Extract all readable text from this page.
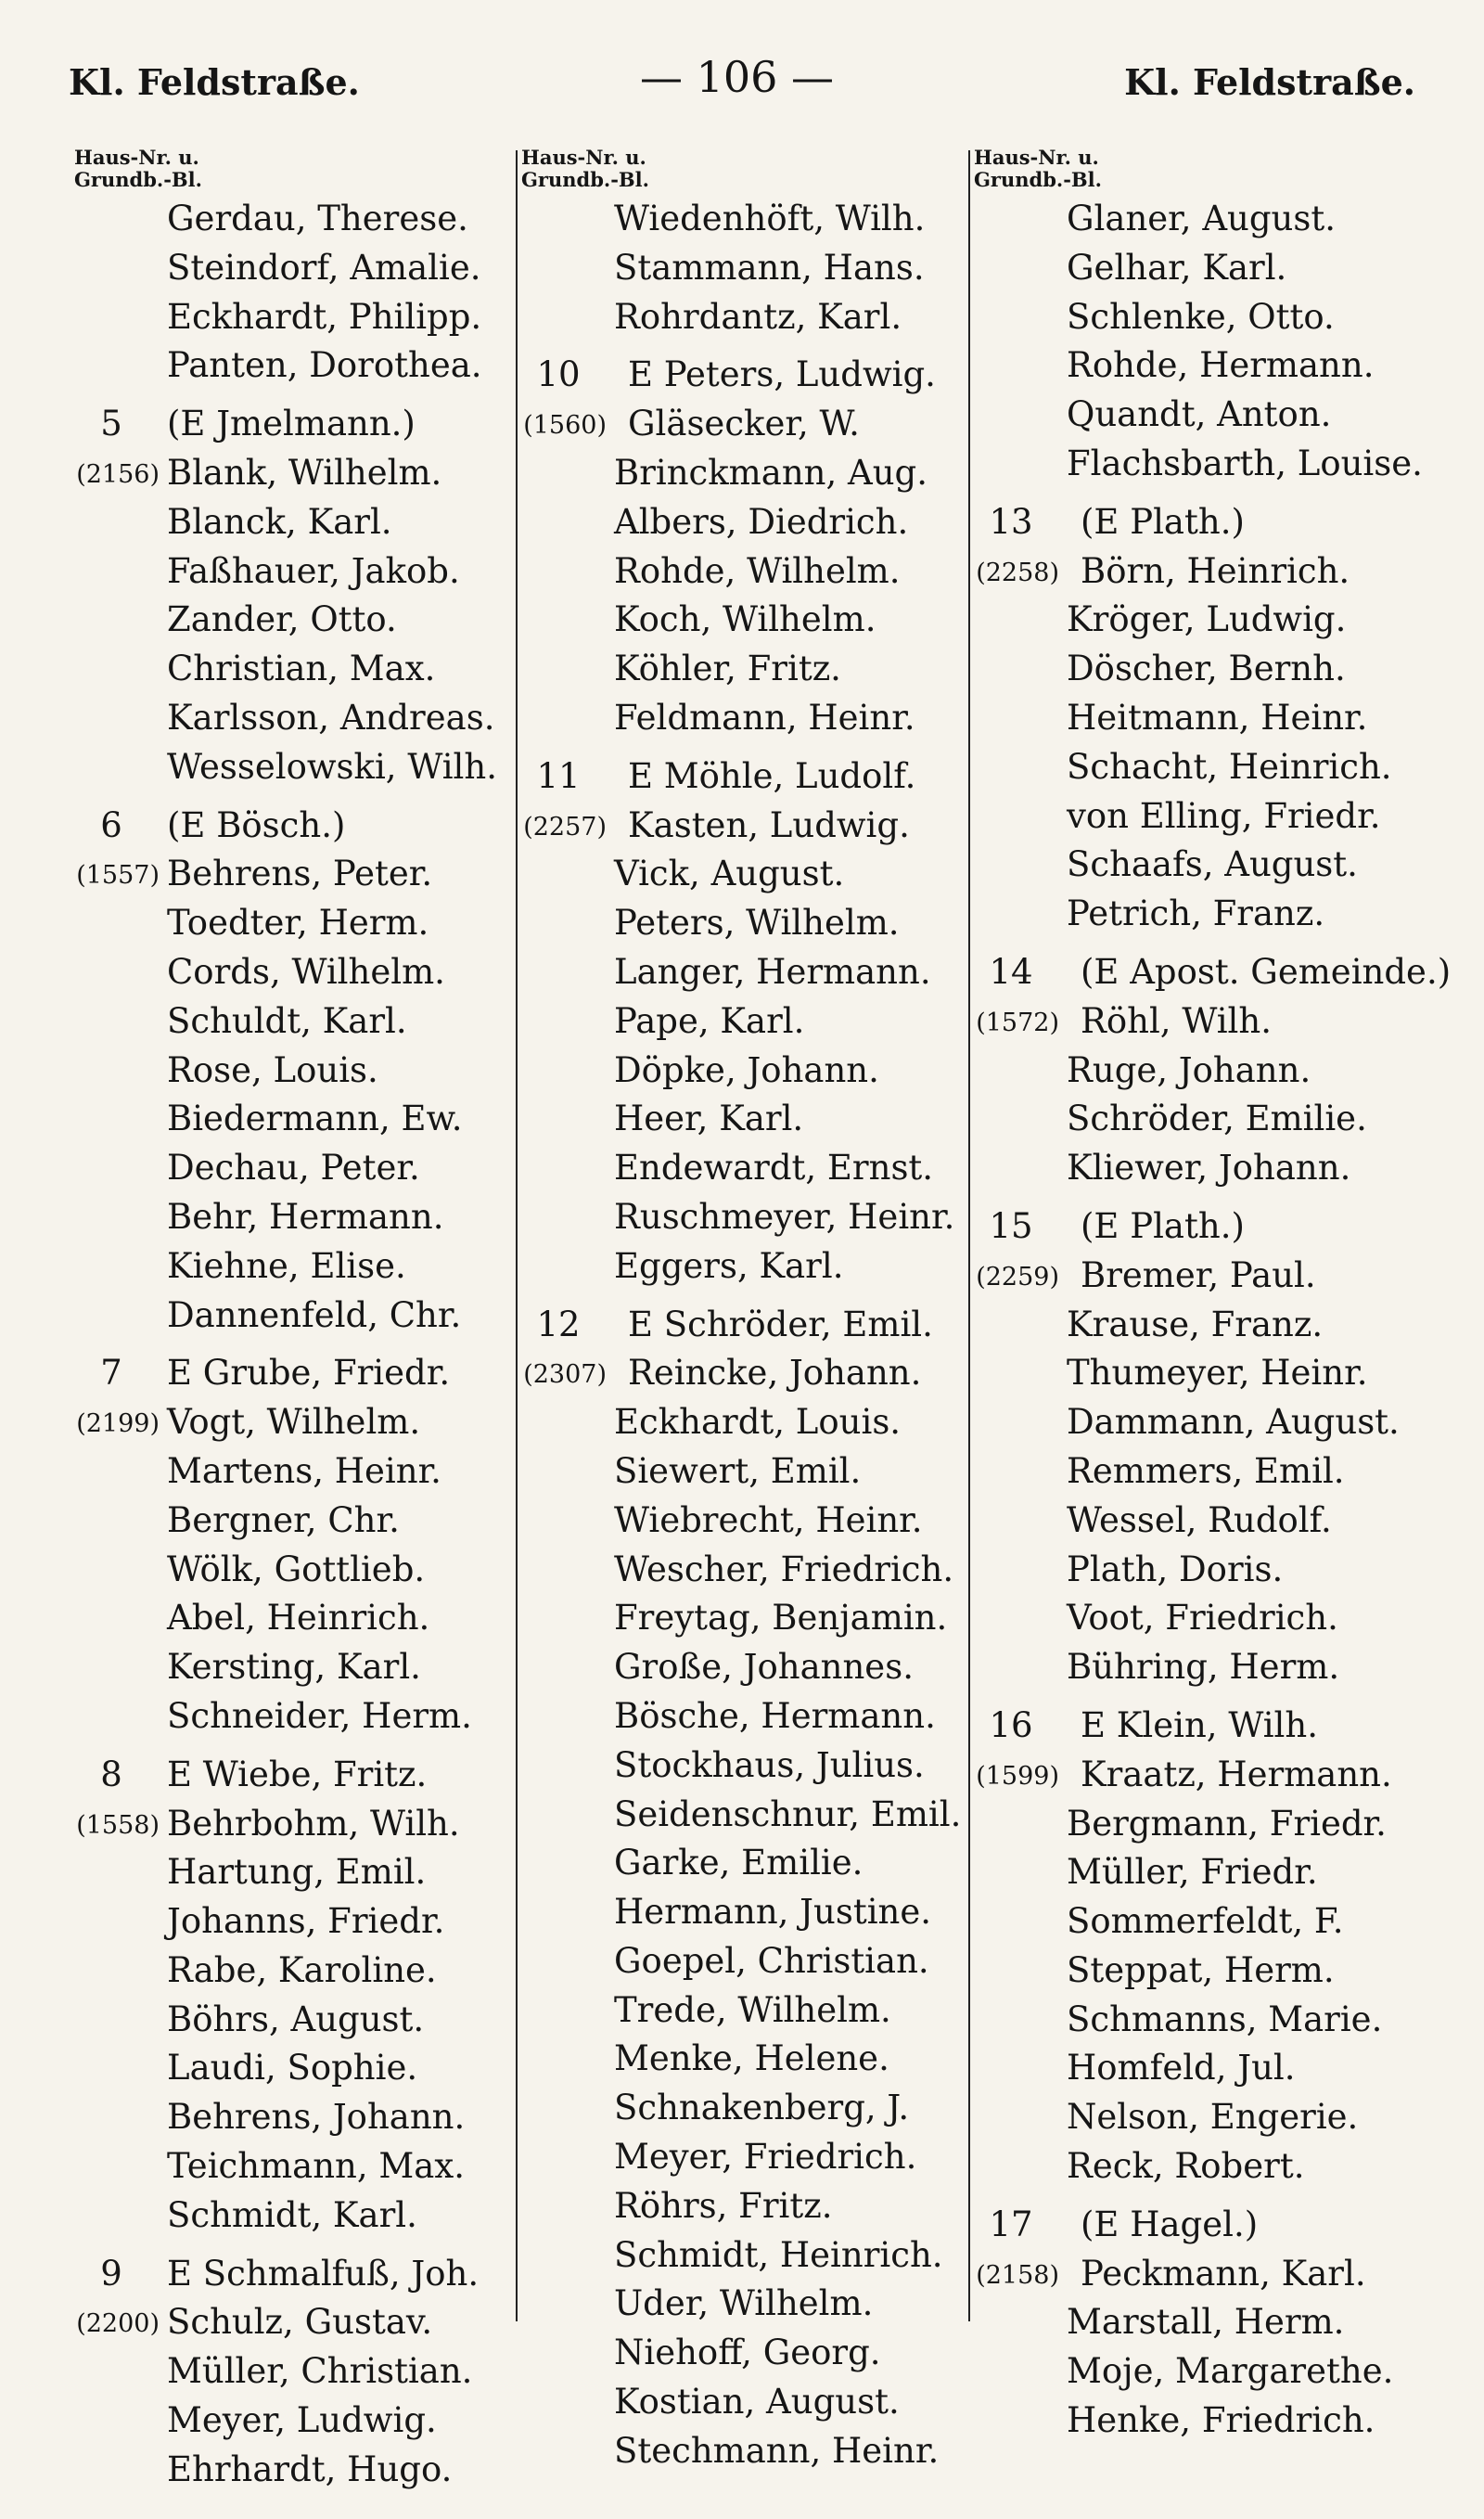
Kl. Feldstraße.	— 106 —	Kl. Feldstraße.
Haus-Nr. u.
Grundb.-Bl.
Gerdau, Therese.
Steindorf, Amalie.
Eckhardt, Philipp.
Panten, Dorothea.
5	(E Jmelmann.)
(2156) Blank, Wilhelm.
Blanck, Karl.
Faßhauer, Jakob.
Zander, Otto.
Christian, Max.
Karlsson, Andreas.
Wesselowski, Wilh.
6	(E Bösch.)
(1557) Behrens, Peter.
Toedter, Herm.
Cords, Wilhelm.
Schuldt, Karl.
Rose, Louis.
Biedermann, Ew.
Dechau, Peter.
Behr, Hermann.
Kiehne, Elise.
Dannenfeld, Chr.
7	E Grube, Friedr.
(2199) Vogt, Wilhelm.
Martens, Heinr.
Bergner, Chr.
Wölk, Gottlieb.
Abel, Heinrich.
Kersting, Karl.
Schneider, Herm.
8	E Wiebe, Fritz.
(1558) Behrbohm, Wilh.
Hartung, Emil.
Johanns, Friedr.
Rabe, Karoline.
Böhrs, August.
Laudi, Sophie.
Behrens, Johann.
Teichmann, Max.
Schmidt, Karl.
9	E Schmalfuß, Joh.
(2200) Schulz, Gustav.
Müller, Christian.
Meyer, Ludwig.
Ehrhardt, Hugo.
Haus-Nr. u.
Grundb.-Bl.
Wiedenhöft, Wilh.
Stammann, Hans.
Rohrdantz, Karl.
10	E Peters, Ludwig.
(1560) Gläsecker, W.
Brinckmann, Aug.
Albers, Diedrich.
Rohde, Wilhelm.
Koch, Wilhelm.
Köhler, Fritz.
Feldmann, Heinr.
11	E Möhle, Ludolf.
(2257) Kasten, Ludwig.
Vick, August.
Peters, Wilhelm.
Langer, Hermann.
Pape, Karl.
Döpke, Johann.
Heer, Karl.
Endewardt, Ernst.
Ruschmeyer, Heinr.
Eggers, Karl.
12	E Schröder, Emil.
(2307) Reincke, Johann.
Eckhardt, Louis.
Siewert, Emil.
Wiebrecht, Heinr.
Wescher, Friedrich.
Freytag, Benjamin.
Große, Johannes.
Bösche, Hermann.
Stockhaus, Julius.
Seidenschnur, Emil.
Garke, Emilie.
Hermann, Justine.
Goepel, Christian.
Trede, Wilhelm.
Menke, Helene.
Schnakenberg, J.
Meyer, Friedrich.
Röhrs, Fritz.
Schmidt, Heinrich.
Uder, Wilhelm.
Niehoff, Georg.
Kostian, August.
Stechmann, Heinr.
Haus-Nr. u.
Grundb.-Bl.
Glaner, August.
Gelhar, Karl.
Schlenke, Otto.
Rohde, Hermann.
Quandt, Anton.
Flachsbarth, Louise.
13	(E Plath.)
(2258) Börn, Heinrich.
Kröger, Ludwig.
Döscher, Bernh.
Heitmann, Heinr.
Schacht, Heinrich.
von Elling, Friedr.
Schaafs, August.
Petrich, Franz.
14	(E Apost. Gemeinde.)
(1572) Röhl, Wilh.
Ruge, Johann.
Schröder, Emilie.
Kliewer, Johann.
15	(E Plath.)
(2259) Bremer, Paul.
Krause, Franz.
Thumeyer, Heinr.
Dammann, August.
Remmers, Emil.
Wessel, Rudolf.
Plath, Doris.
Voot, Friedrich.
Bühring, Herm.
16	E Klein, Wilh.
(1599) Kraatz, Hermann.
Bergmann, Friedr.
Müller, Friedr.
Sommerfeldt, F.
Steppat, Herm.
Schmanns, Marie.
Homfeld, Jul.
Nelson, Engerie.
Reck, Robert.
17	(E Hagel.)
(2158) Peckmann, Karl.
Marstall, Herm.
Moje, Margarethe.
Henke, Friedrich.
